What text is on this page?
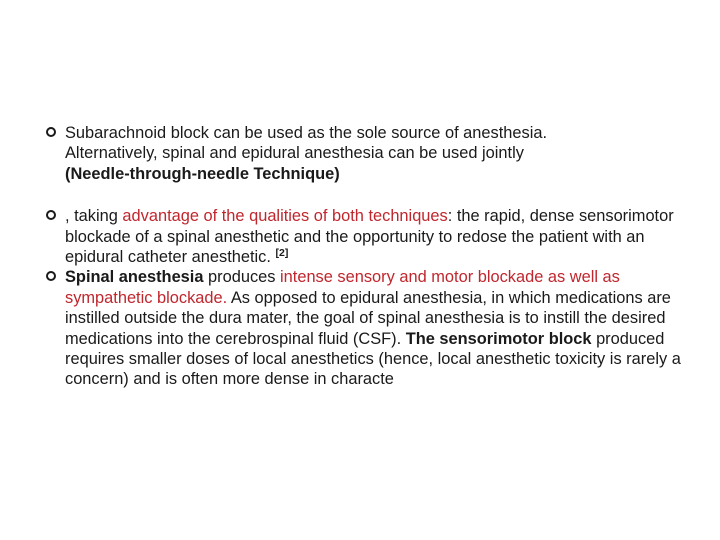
Subarachnoid block can be used as the sole source of anesthesia.
Alternatively, spinal and epidural anesthesia can be used jointly
(Needle-through-needle Technique)

, taking advantage of the qualities of both techniques: the rapid, dense sensorimotor blockade of a spinal anesthetic and the opportunity to redose the patient with an epidural catheter anesthetic. [2]

Spinal anesthesia produces intense sensory and motor blockade as well as sympathetic blockade. As opposed to epidural anesthesia, in which medications are instilled outside the dura mater, the goal of spinal anesthesia is to instill the desired medications into the cerebrospinal fluid (CSF). The sensorimotor block produced requires smaller doses of local anesthetics (hence, local anesthetic toxicity is rarely a concern) and is often more dense in characte
